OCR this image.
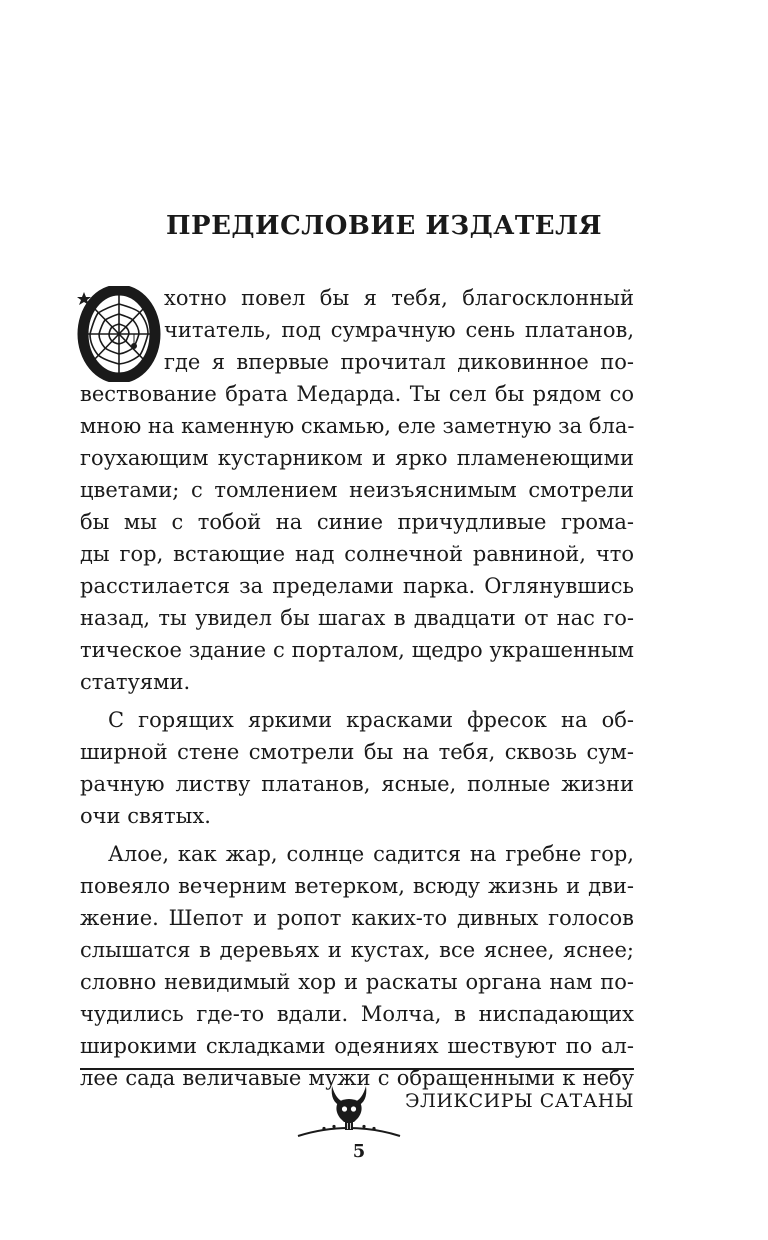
ПРЕДИСЛОВИЕ ИЗДАТЕЛЯ
хотно повел бы я тебя, благосклонный
читатель, под сумрачную сень платанов,
где я впервые прочитал диковинное по-
вествование брата Медарда. Ты сел бы рядом со
мною на каменную скамью, еле заметную за бла-
гоухающим кустарником и ярко пламенеющими
цветами; с томлением неизъяснимым смотрели
бы мы с тобой на синие причудливые грома-
ды гор, встающие над солнечной равниной, что
расстилается за пределами парка. Оглянувшись
назад, ты увидел бы шагах в двадцати от нас го-
тическое здание с порталом, щедро украшенным
статуями.
С горящих яркими красками фресок на об-
ширной стене смотрели бы на тебя, сквозь сум-
рачную листву платанов, ясные, полные жизни
очи святых.
Алое, как жар, солнце садится на гребне гор,
повеяло вечерним ветерком, всюду жизнь и дви-
жение. Шепот и ропот каких-то дивных голосов
слышатся в деревьях и кустах, все яснее, яснее;
словно невидимый хор и раскаты органа нам по-
чудились где-то вдали. Молча, в ниспадающих
широкими складками одеяниях шествуют по ал-
лее сада величавые мужи с обращенными к небу
ЭЛИКСИРЫ САТАНЫ
5
